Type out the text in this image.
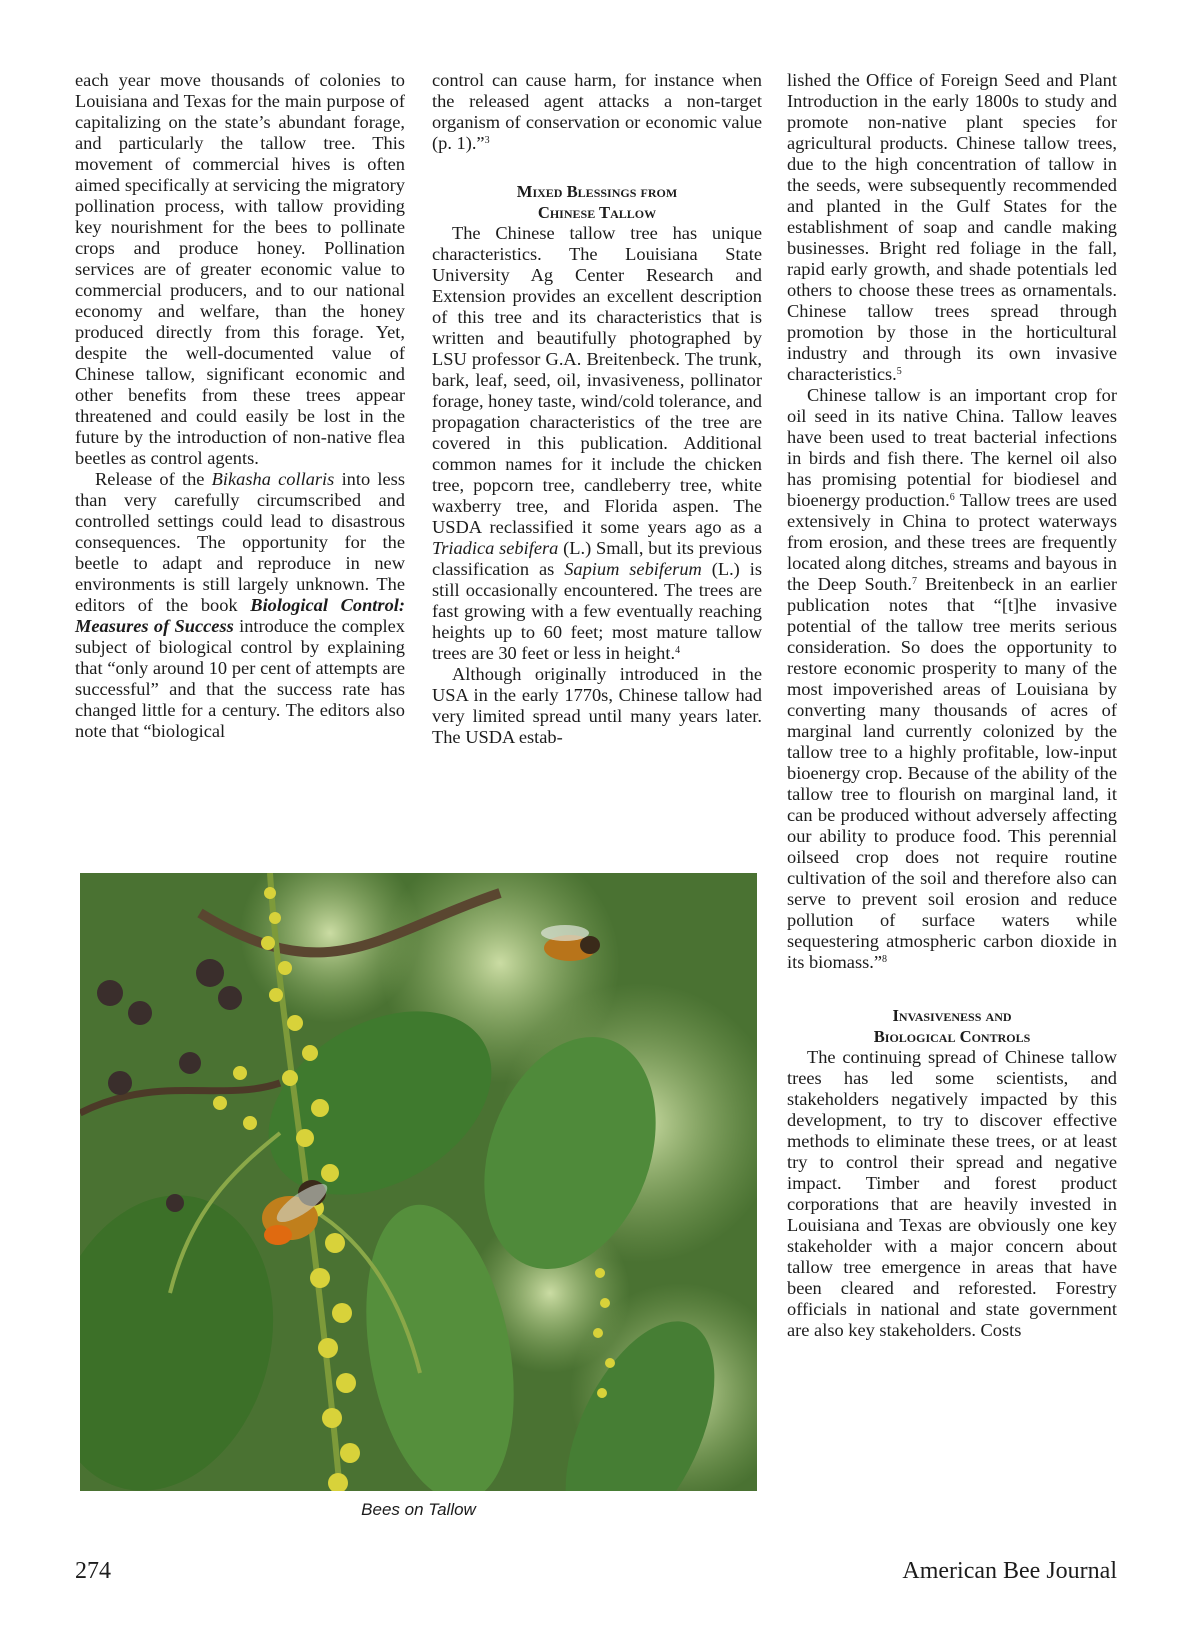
each year move thousands of colonies to Louisiana and Texas for the main purpose of capitalizing on the state’s abundant forage, and particularly the tallow tree. This movement of commercial hives is often aimed specifically at servicing the migratory pollination process, with tallow providing key nourishment for the bees to pollinate crops and produce honey. Pollination services are of greater economic value to commercial producers, and to our national economy and welfare, than the honey produced directly from this forage. Yet, despite the well-documented value of Chinese tallow, significant economic and other benefits from these trees appear threatened and could easily be lost in the future by the introduction of non-native flea beetles as control agents.

Release of the Bikasha collaris into less than very carefully circumscribed and controlled settings could lead to disastrous consequences. The opportunity for the beetle to adapt and reproduce in new environments is still largely unknown. The editors of the book Biological Control: Measures of Success introduce the complex subject of biological control by explaining that “only around 10 per cent of attempts are successful” and that the success rate has changed little for a century. The editors also note that “biological

control can cause harm, for instance when the released agent attacks a non-target organism of conservation or economic value (p. 1).”$^3$

Mixed Blessings from
Chinese Tallow

The Chinese tallow tree has unique characteristics. The Louisiana State University Ag Center Research and Extension provides an excellent description of this tree and its characteristics that is written and beautifully photographed by LSU professor G.A. Breitenbeck. The trunk, bark, leaf, seed, oil, invasiveness, pollinator forage, honey taste, wind/cold tolerance, and propagation characteristics of the tree are covered in this publication. Additional common names for it include the chicken tree, popcorn tree, candleberry tree, white waxberry tree, and Florida aspen. The USDA reclassified it some years ago as a Triadica sebifera (L.) Small, but its previous classification as Sapium sebiferum (L.) is still occasionally encountered. The trees are fast growing with a few eventually reaching heights up to 60 feet; most mature tallow trees are 30 feet or less in height.$^4$

Although originally introduced in the USA in the early 1770s, Chinese tallow had very limited spread until many years later. The USDA estab-

lished the Office of Foreign Seed and Plant Introduction in the early 1800s to study and promote non-native plant species for agricultural products. Chinese tallow trees, due to the high concentration of tallow in the seeds, were subsequently recommended and planted in the Gulf States for the establishment of soap and candle making businesses. Bright red foliage in the fall, rapid early growth, and shade potentials led others to choose these trees as ornamentals. Chinese tallow trees spread through promotion by those in the horticultural industry and through its own invasive characteristics.$^5$

Chinese tallow is an important crop for oil seed in its native China. Tallow leaves have been used to treat bacterial infections in birds and fish there. The kernel oil also has promising potential for biodiesel and bioenergy production.$^6$ Tallow trees are used extensively in China to protect waterways from erosion, and these trees are frequently located along ditches, streams and bayous in the Deep South.$^7$ Breitenbeck in an earlier publication notes that “[t]he invasive potential of the tallow tree merits serious consideration. So does the opportunity to restore economic prosperity to many of the most impoverished areas of Louisiana by converting many thousands of acres of marginal land currently colonized by the tallow tree to a highly profitable, low-input bioenergy crop. Because of the ability of the tallow tree to flourish on marginal land, it can be produced without adversely affecting our ability to produce food. This perennial oilseed crop does not require routine cultivation of the soil and therefore also can serve to prevent soil erosion and reduce pollution of surface waters while sequestering atmospheric carbon dioxide in its biomass.”$^8$

Invasiveness and
Biological Controls

The continuing spread of Chinese tallow trees has led some scientists, and stakeholders negatively impacted by this development, to try to discover effective methods to eliminate these trees, or at least try to control their spread and negative impact. Timber and forest product corporations that are heavily invested in Louisiana and Texas are obviously one key stakeholder with a major concern about tallow tree emergence in areas that have been cleared and reforested. Forestry officials in national and state government are also key stakeholders. Costs

Bees on Tallow
274	American Bee Journal
